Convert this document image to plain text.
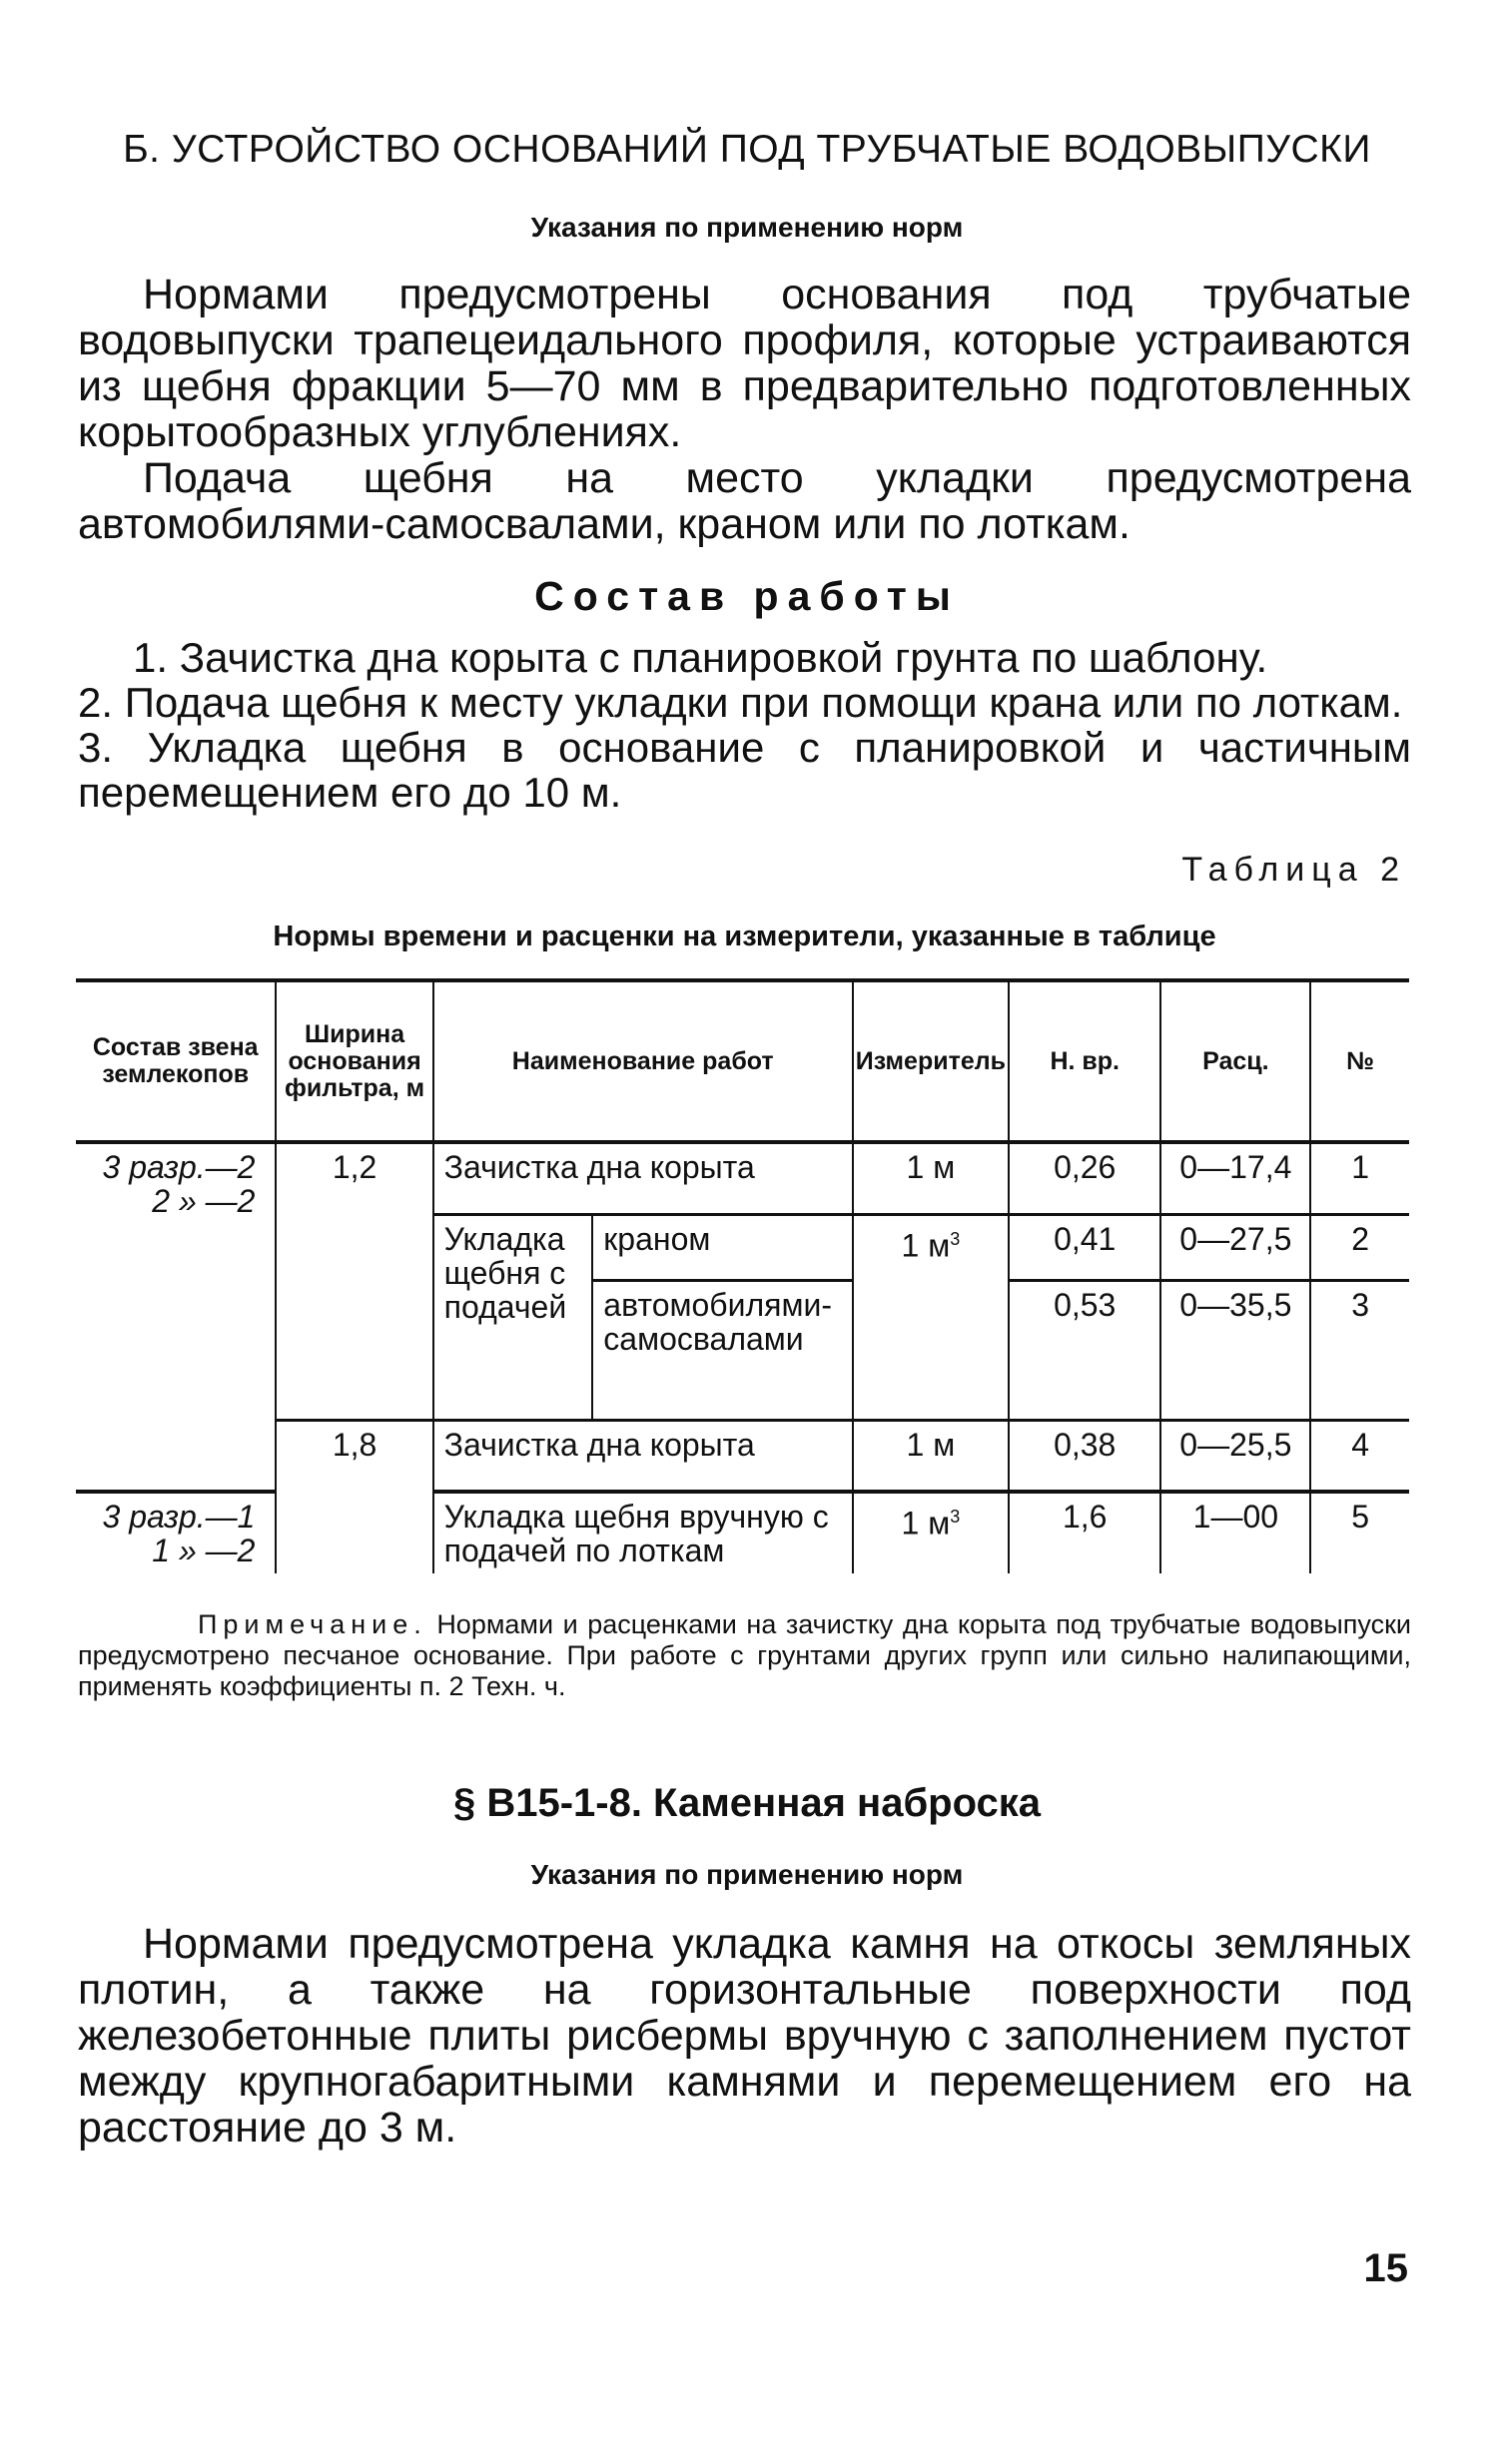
Б. УСТРОЙСТВО ОСНОВАНИЙ ПОД ТРУБЧАТЫЕ ВОДОВЫПУСКИ
Указания по применению норм

Нормами предусмотрены основания под трубчатые водовыпуски трапецеидального профиля, которые устраиваются из щебня фракции 5—70 мм в предварительно подготовленных корытообразных углублениях.

Подача щебня на место укладки предусмотрена автомобилями-самосвалами, краном или по лоткам.

Состав работы
1. Зачистка дна корыта с планировкой грунта по шаблону.
2. Подача щебня к месту укладки при помощи крана или по лоткам.
3. Укладка щебня в основание с планировкой и частичным перемещением его до 10 м.
Таблица 2
Нормы времени и расценки на измерители, указанные в таблице
Состав звена землекопов	Ширина основания фильтра, м	Наименование работ		Измеритель	Н. вр.	Расц.	№

3 разр.—2
2 » —2	1,2	Зачистка дна корыта		1 м	0,26	0—17,4	1
		Укладка щебня с подачей	краном	1 $м^3$	0,41	0—27,5	2
			автомобилями-самосвалами		0,53	0—35,5	3
	1,8	Зачистка дна корыта		1 м	0,38	0—25,5	4

3 разр.—1
1 » —2		Укладка щебня вручную с подачей по лоткам		1 $м^3$	1,6	1—00	5
Примечание. Нормами и расценками на зачистку дна корыта под трубчатые водовыпуски предусмотрено песчаное основание. При работе с грунтами других групп или сильно налипающими, применять коэффициенты п. 2 Техн. ч.
§ В15-1-8. Каменная наброска
Указания по применению норм

Нормами предусмотрена укладка камня на откосы земляных плотин, а также на горизонтальные поверхности под железобетонные плиты рисбермы вручную с заполнением пустот между крупногабаритными камнями и перемещением его на расстояние до 3 м.

15
